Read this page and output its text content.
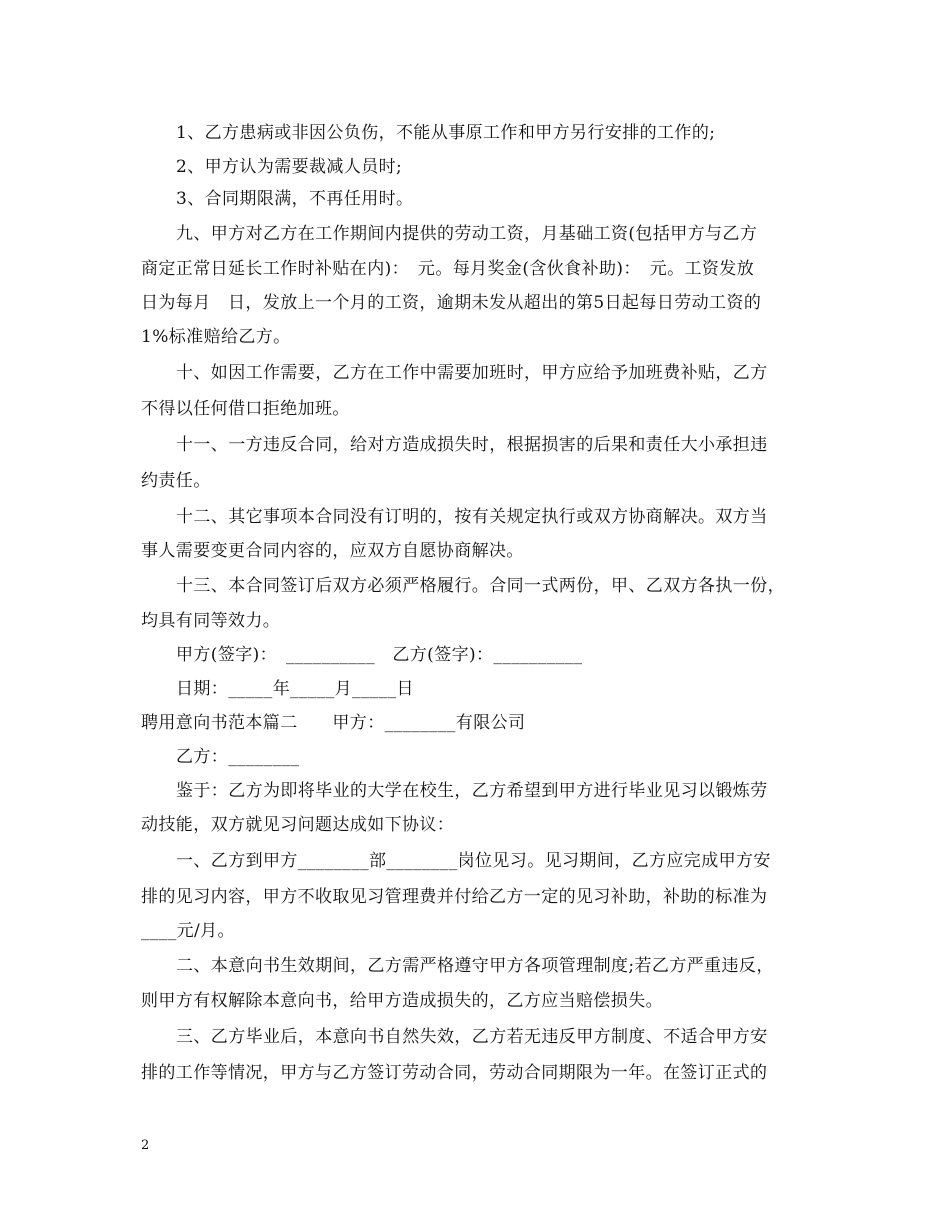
1、乙方患病或非因公负伤，不能从事原工作和甲方另行安排的工作的;
2、甲方认为需要裁减人员时;
3、合同期限满，不再任用时。
九、甲方对乙方在工作期间内提供的劳动工资，月基础工资(包括甲方与乙方
商定正常日延长工作时补贴在内)：　元。每月奖金(含伙食补助)：　元。工资发放
日为每月　日，发放上一个月的工资，逾期未发从超出的第5日起每日劳动工资的
1%标准赔给乙方。
十、如因工作需要，乙方在工作中需要加班时，甲方应给予加班费补贴，乙方
不得以任何借口拒绝加班。
十一、一方违反合同，给对方造成损失时，根据损害的后果和责任大小承担违
约责任。
十二、其它事项本合同没有订明的，按有关规定执行或双方协商解决。双方当
事人需要变更合同内容的，应双方自愿协商解决。
十三、本合同签订后双方必须严格履行。合同一式两份，甲、乙双方各执一份，
均具有同等效力。
甲方(签字)：　__________　乙方(签字)：__________
日期：_____年_____月_____日
聘用意向书范本篇二　　甲方：________有限公司
乙方：________
鉴于：乙方为即将毕业的大学在校生，乙方希望到甲方进行毕业见习以锻炼劳
动技能，双方就见习问题达成如下协议：
一、乙方到甲方________部________岗位见习。见习期间，乙方应完成甲方安
排的见习内容，甲方不收取见习管理费并付给乙方一定的见习补助，补助的标准为
____元/月。
二、本意向书生效期间，乙方需严格遵守甲方各项管理制度;若乙方严重违反，
则甲方有权解除本意向书，给甲方造成损失的，乙方应当赔偿损失。
三、乙方毕业后，本意向书自然失效，乙方若无违反甲方制度、不适合甲方安
排的工作等情况，甲方与乙方签订劳动合同，劳动合同期限为一年。在签订正式的
2
